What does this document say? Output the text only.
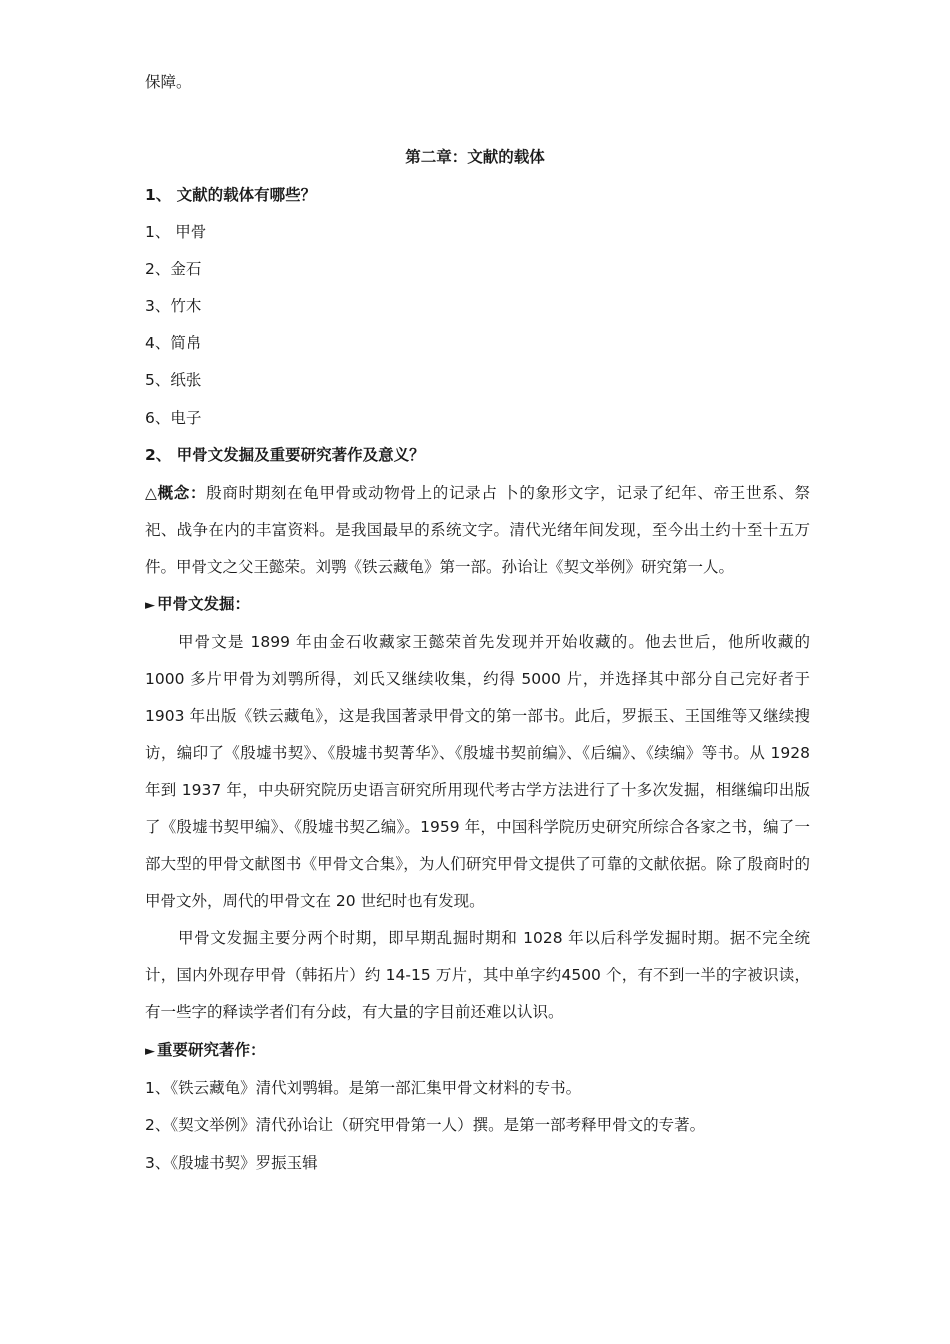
保障。
第二章：文献的载体
1、 文献的载体有哪些？
1、 甲骨
2、金石
3、竹木
4、简帛
5、纸张
6、电子
2、 甲骨文发掘及重要研究著作及意义？
△概念：殷商时期刻在龟甲骨或动物骨上的记录占 卜的象形文字，记录了纪年、帝王世系、祭祀、战争在内的丰富资料。是我国最早的系统文字。清代光绪年间发现，至今出土约十至十五万件。甲骨文之父王懿荣。刘鹗《铁云藏龟》第一部。孙诒让《契文举例》研究第一人。
► 甲骨文发掘：
甲骨文是 1899 年由金石收藏家王懿荣首先发现并开始收藏的。他去世后，他所收藏的 1000 多片甲骨为刘鹗所得，刘氏又继续收集，约得 5000 片，并选择其中部分自己完好者于 1903 年出版《铁云藏龟》，这是我国著录甲骨文的第一部书。此后，罗振玉、王国维等又继续搜访，编印了《殷墟书契》、《殷墟书契菁华》、《殷墟书契前编》、《后编》、《续编》等书。从 1928 年到 1937 年，中央研究院历史语言研究所用现代考古学方法进行了十多次发掘，相继编印出版了《殷墟书契甲编》、《殷墟书契乙编》。1959 年，中国科学院历史研究所综合各家之书，编了一部大型的甲骨文献图书《甲骨文合集》，为人们研究甲骨文提供了可靠的文献依据。除了殷商时的甲骨文外，周代的甲骨文在 20 世纪时也有发现。
甲骨文发掘主要分两个时期，即早期乱掘时期和 1028 年以后科学发掘时期。据不完全统计，国内外现存甲骨（韩拓片）约 14-15 万片，其中单字约4500 个，有不到一半的字被识读，有一些字的释读学者们有分歧，有大量的字目前还难以认识。
► 重要研究著作：
1、《铁云藏龟》清代刘鹗辑。是第一部汇集甲骨文材料的专书。
2、《契文举例》清代孙诒让（研究甲骨第一人）撰。是第一部考释甲骨文的专著。
3、《殷墟书契》罗振玉辑
